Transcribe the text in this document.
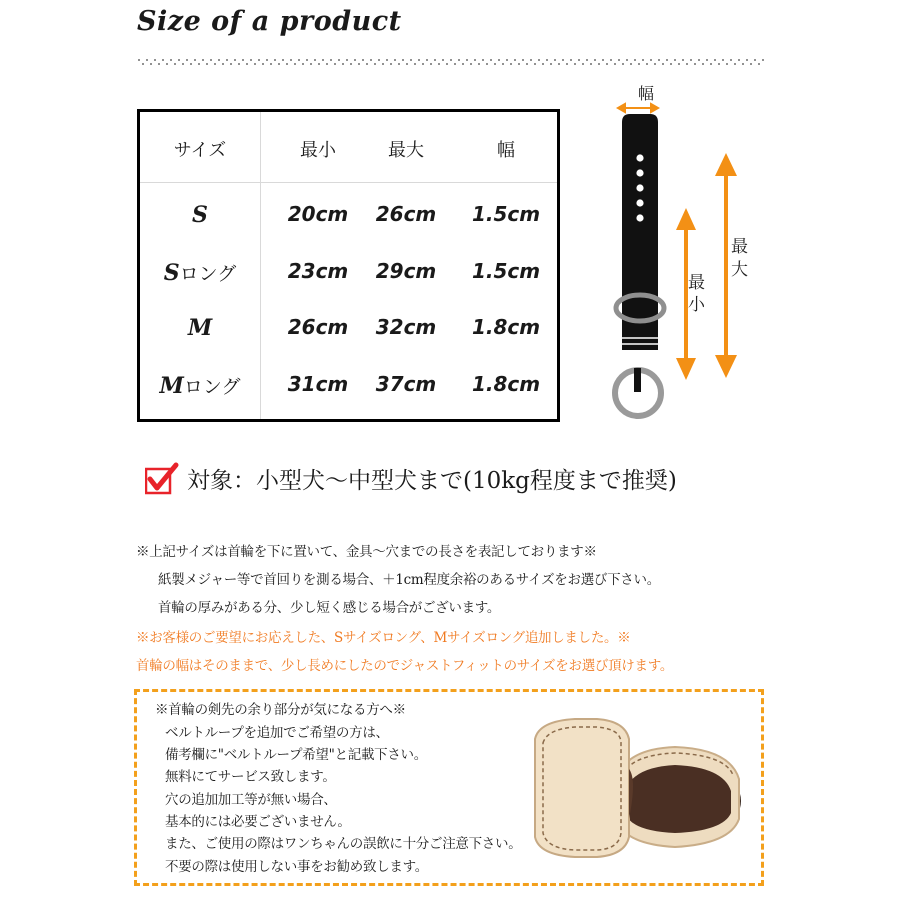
Size of a product
サイズ	最小	最大	幅
S	20cm	26cm	1.5cm
Sロング	23cm	29cm	1.5cm
M	26cm	32cm	1.8cm
Mロング	31cm	37cm	1.8cm
幅
最
小
最
大
対象：小型犬～中型犬まで(10kg程度まで推奨)
※上記サイズは首輪を下に置いて、金具～穴までの長さを表記しております※
紙製メジャー等で首回りを測る場合、＋1cm程度余裕のあるサイズをお選び下さい。
首輪の厚みがある分、少し短く感じる場合がございます。
※お客様のご要望にお応えした、Sサイズロング、Mサイズロング追加しました。※
首輪の幅はそのままで、少し長めにしたのでジャストフィットのサイズをお選び頂けます。
※首輪の剣先の余り部分が気になる方へ※
ベルトループを追加でご希望の方は、
備考欄に"ベルトループ希望"と記載下さい。
無料にてサービス致します。
穴の追加加工等が無い場合、
基本的には必要ございません。
また、ご使用の際はワンちゃんの誤飲に十分ご注意下さい。
不要の際は使用しない事をお勧め致します。
